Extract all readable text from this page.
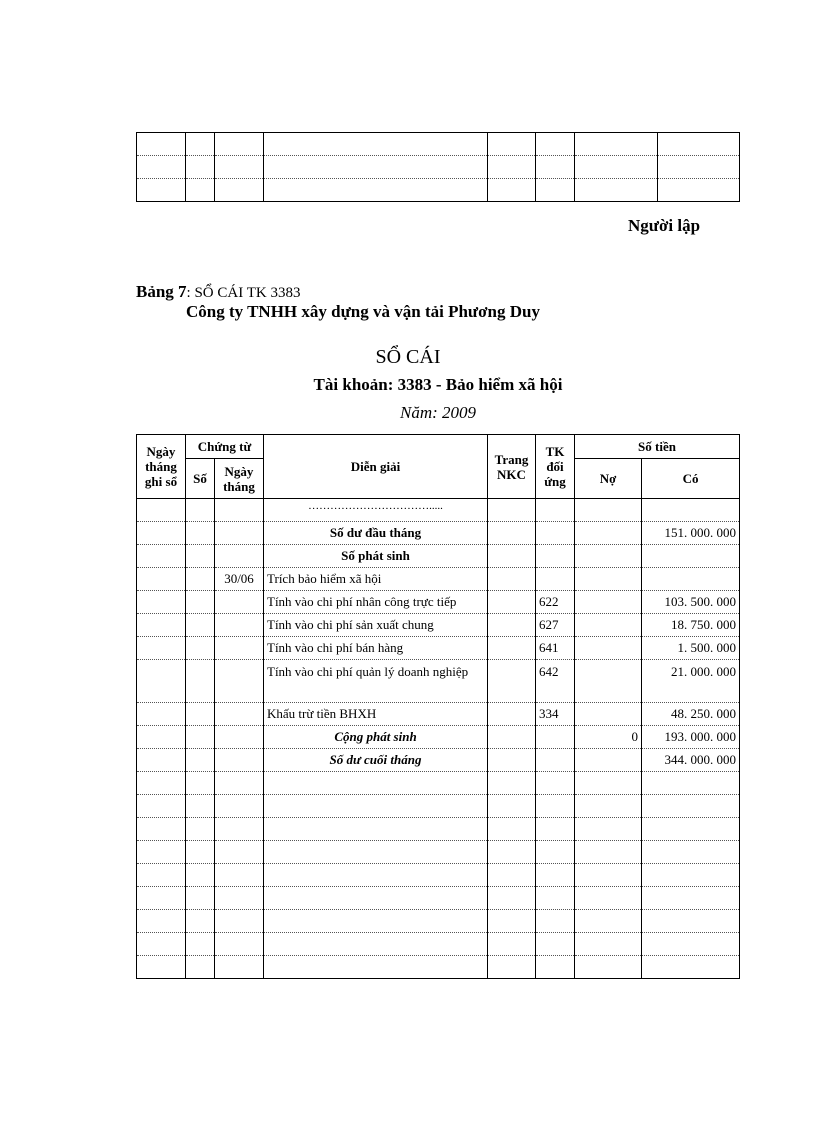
Người lập
Bảng 7: SỔ CÁI TK 3383
Công ty TNHH xây dựng và vận tải Phương Duy
SỔ CÁI
Tài khoản: 3383 - Bảo hiểm xã hội
Năm: 2009
Ngày tháng ghi sổ	Chứng từ		Diễn giải	Trang NKC	TK đối ứng	Số tiền	
	Số	Ngày tháng				Nợ	Có
			…………………………….....				
			Số dư đầu tháng				151. 000. 000
			Số phát sinh				
		30/06	Trích bảo hiểm xã hội				
			Tính vào chi phí nhân công trực tiếp		622		103. 500. 000
			Tính vào chi phí sản xuất chung		627		18. 750. 000
			Tính vào chi phí bán hàng		641		1. 500. 000
			Tính vào chi phí quản lý doanh nghiệp		642		21. 000. 000
			Khấu trừ tiền BHXH		334		48. 250. 000
			Cộng phát sinh			0	193. 000. 000
			Số dư cuối tháng				344. 000. 000
